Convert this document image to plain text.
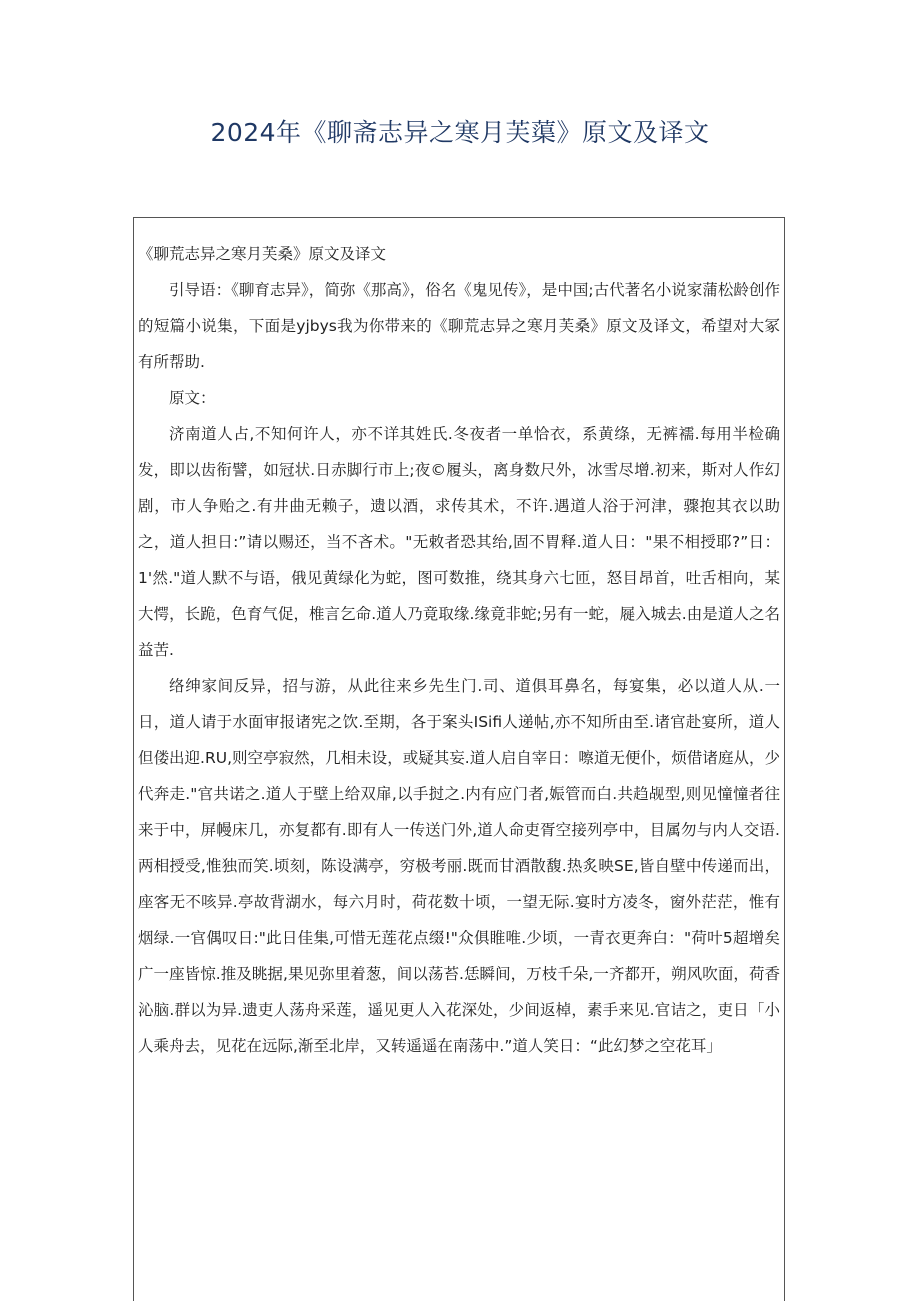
2024年《聊斋志异之寒月芙蕖》原文及译文

《聊荒志异之寒月芙桑》原文及译文

引导语：《聊育志异》，简弥《那高》，俗名《鬼见传》，是中国;古代著名小说家蒲松龄创作的短篇小说集，下面是yjbys我为你带来的《聊荒志异之寒月芙桑》原文及译文，希望对大冢有所帮助.

原文：

济南道人占,不知何许人，亦不详其姓氏.冬夜者一单恰衣，系黄绦，无裤襦.每用半检确发，即以齿衔譬，如冠状.日赤脚行市上;夜©履头，离身数尺外，冰雪尽增.初来，斯对人作幻剧，市人争贻之.有井曲无赖子，遗以酒，求传其术，不许.遇道人浴于河津，骤抱其衣以助之，道人担日:”请以赐还，当不吝术。"无敕者恐其绐,固不胃释.道人日："果不相授耶?”日：1'然."道人默不与语，俄见黄绿化为蛇，图可数推，绕其身六七匝，怒目昂首，吐舌相向，某大愕，长跪，色育气促，椎言乞命.道人乃竟取缘.缘竟非蛇;另有一蛇，屣入城去.由是道人之名益苦.

络绅家间反异，招与游，从此往来乡先生门.司、道俱耳鼻名，每宴集，必以道人从.一日，道人请于水面审报诸宪之饮.至期，各于案头ISifi人递帖,亦不知所由至.诸官赴宴所，道人但偻出迎.RU,则空亭寂然，几相未设，或疑其妄.道人启自宰日：嚓道无便仆，烦借诸庭从，少代奔走."官共诺之.道人于壁上给双扉,以手挝之.内有应门者,娠管而白.共趋觇型,则见憧憧者往来于中，屏幔床几，亦复都有.即有人一传送门外,道人命吏胥空接列亭中，目属勿与内人交语.两相授受,惟独而笑.顷刻，陈设满亭，穷极考丽.既而甘酒散馥.热炙映SE,皆自壁中传递而出，座客无不咳异.亭故背湖水，每六月时，荷花数十顷，一望无际.宴时方凌冬，窗外茫茫，惟有烟绿.一官偶叹日:"此日佳集,可惜无莲花点缀!"众俱睢唯.少顷，一青衣更奔白："荷叶5超增矣广一座皆惊.推及眺据,果见弥里着葱，间以荡苔.恁瞬间，万枝千朵,一齐都开，朔风吹面，荷香沁脑.群以为异.遗吏人荡舟采莲，遥见更人入花深处，少间返棹，素手来见.官诘之，吏日「小人乘舟去，见花在远际,渐至北岸，又转遥遥在南荡中.”道人笑日：“此幻梦之空花耳」
